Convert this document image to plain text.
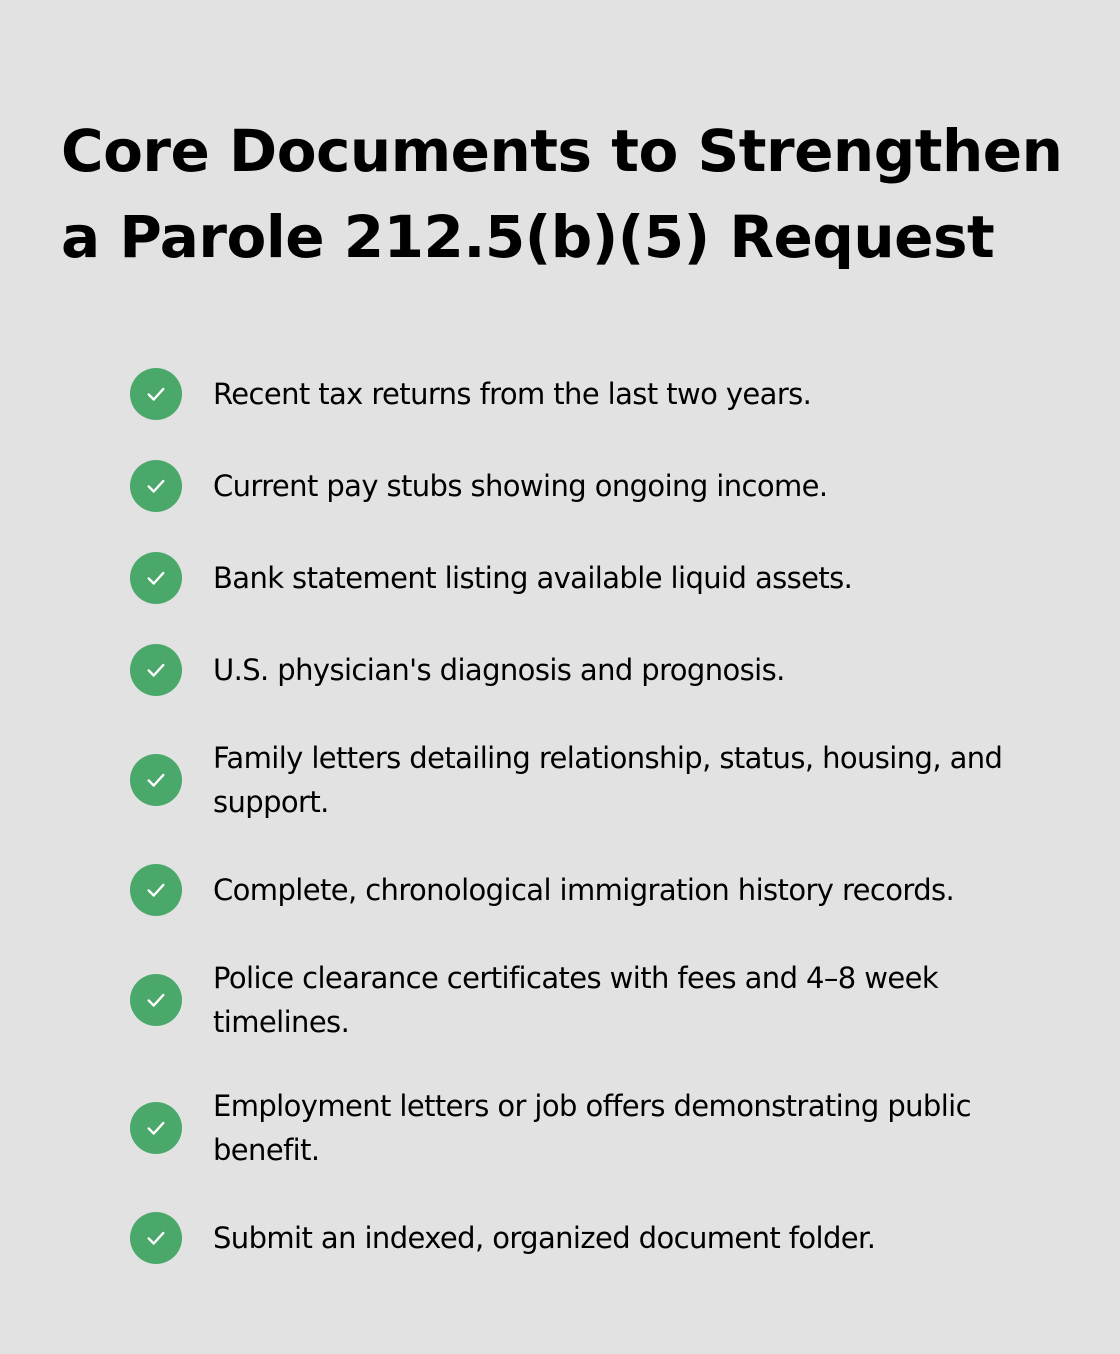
Core Documents to Strengthen a Parole 212.5(b)(5) Request
Recent tax returns from the last two years.
Current pay stubs showing ongoing income.
Bank statement listing available liquid assets.
U.S. physician's diagnosis and prognosis.
Family letters detailing relationship, status, housing, and support.
Complete, chronological immigration history records.
Police clearance certificates with fees and 4–8 week timelines.
Employment letters or job offers demonstrating public benefit.
Submit an indexed, organized document folder.
